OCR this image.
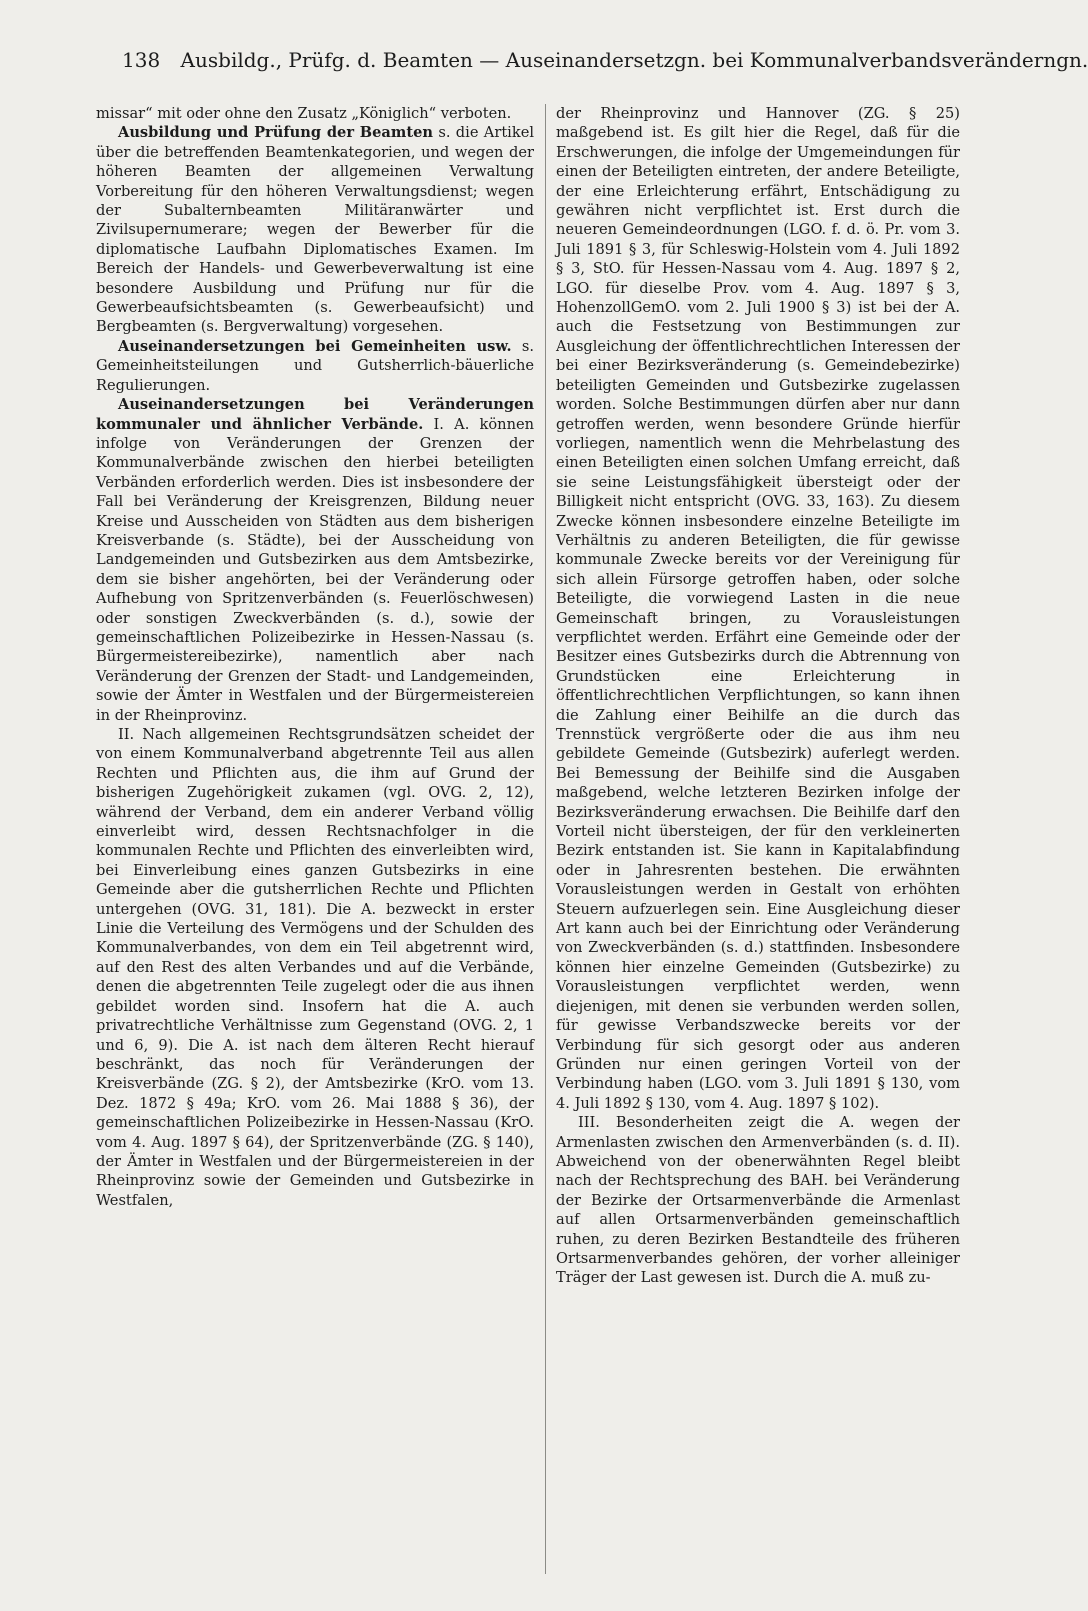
138 Ausbildg., Prüfg. d. Beamten — Auseinandersetzgn. bei Kommunalverbandsveränderngn.

missar“ mit oder ohne den Zusatz „Königlich“ verboten.

Ausbildung und Prüfung der Beamten s. die Artikel über die betreffenden Beamtenkategorien, und wegen der höheren Beamten der allgemeinen Verwaltung Vorbereitung für den höheren Verwaltungsdienst; wegen der Subalternbeamten Militäranwärter und Zivilsupernumerare; wegen der Bewerber für die diplomatische Laufbahn Diplomatisches Examen. Im Bereich der Handels- und Gewerbeverwaltung ist eine besondere Ausbildung und Prüfung nur für die Gewerbeaufsichtsbeamten (s. Gewerbeaufsicht) und Bergbeamten (s. Bergverwaltung) vorgesehen.

Auseinandersetzungen bei Gemeinheiten usw. s. Gemeinheitsteilungen und Gutsherrlich-bäuerliche Regulierungen.

Auseinandersetzungen bei Veränderungen kommunaler und ähnlicher Verbände. I. A. können infolge von Veränderungen der Grenzen der Kommunalverbände zwischen den hierbei beteiligten Verbänden erforderlich werden. Dies ist insbesondere der Fall bei Veränderung der Kreisgrenzen, Bildung neuer Kreise und Ausscheiden von Städten aus dem bisherigen Kreisverbande (s. Städte), bei der Ausscheidung von Landgemeinden und Gutsbezirken aus dem Amtsbezirke, dem sie bisher angehörten, bei der Veränderung oder Aufhebung von Spritzenverbänden (s. Feuerlöschwesen) oder sonstigen Zweckverbänden (s. d.), sowie der gemeinschaftlichen Polizeibezirke in Hessen-Nassau (s. Bürgermeistereibezirke), namentlich aber nach Veränderung der Grenzen der Stadt- und Landgemeinden, sowie der Ämter in Westfalen und der Bürgermeistereien in der Rheinprovinz.

II. Nach allgemeinen Rechtsgrundsätzen scheidet der von einem Kommunalverband abgetrennte Teil aus allen Rechten und Pflichten aus, die ihm auf Grund der bisherigen Zugehörigkeit zukamen (vgl. OVG. 2, 12), während der Verband, dem ein anderer Verband völlig einverleibt wird, dessen Rechtsnachfolger in die kommunalen Rechte und Pflichten des einverleibten wird, bei Einverleibung eines ganzen Gutsbezirks in eine Gemeinde aber die gutsherrlichen Rechte und Pflichten untergehen (OVG. 31, 181). Die A. bezweckt in erster Linie die Verteilung des Vermögens und der Schulden des Kommunalverbandes, von dem ein Teil abgetrennt wird, auf den Rest des alten Verbandes und auf die Verbände, denen die abgetrennten Teile zugelegt oder die aus ihnen gebildet worden sind. Insofern hat die A. auch privatrechtliche Verhältnisse zum Gegenstand (OVG. 2, 1 und 6, 9). Die A. ist nach dem älteren Recht hierauf beschränkt, das noch für Veränderungen der Kreisverbände (ZG. § 2), der Amtsbezirke (KrO. vom 13. Dez. 1872 § 49a; KrO. vom 26. Mai 1888 § 36), der gemeinschaftlichen Polizeibezirke in Hessen-Nassau (KrO. vom 4. Aug. 1897 § 64), der Spritzenverbände (ZG. § 140), der Ämter in Westfalen und der Bürgermeistereien in der Rheinprovinz sowie der Gemeinden und Gutsbezirke in Westfalen,

der Rheinprovinz und Hannover (ZG. § 25) maßgebend ist. Es gilt hier die Regel, daß für die Erschwerungen, die infolge der Umgemeindungen für einen der Beteiligten eintreten, der andere Beteiligte, der eine Erleichterung erfährt, Entschädigung zu gewähren nicht verpflichtet ist. Erst durch die neueren Gemeindeordnungen (LGO. f. d. ö. Pr. vom 3. Juli 1891 § 3, für Schleswig-Holstein vom 4. Juli 1892 § 3, StO. für Hessen-Nassau vom 4. Aug. 1897 § 2, LGO. für dieselbe Prov. vom 4. Aug. 1897 § 3, HohenzollGemO. vom 2. Juli 1900 § 3) ist bei der A. auch die Festsetzung von Bestimmungen zur Ausgleichung der öffentlichrechtlichen Interessen der bei einer Bezirksveränderung (s. Gemeindebezirke) beteiligten Gemeinden und Gutsbezirke zugelassen worden. Solche Bestimmungen dürfen aber nur dann getroffen werden, wenn besondere Gründe hierfür vorliegen, namentlich wenn die Mehrbelastung des einen Beteiligten einen solchen Umfang erreicht, daß sie seine Leistungsfähigkeit übersteigt oder der Billigkeit nicht entspricht (OVG. 33, 163). Zu diesem Zwecke können insbesondere einzelne Beteiligte im Verhältnis zu anderen Beteiligten, die für gewisse kommunale Zwecke bereits vor der Vereinigung für sich allein Fürsorge getroffen haben, oder solche Beteiligte, die vorwiegend Lasten in die neue Gemeinschaft bringen, zu Vorausleistungen verpflichtet werden. Erfährt eine Gemeinde oder der Besitzer eines Gutsbezirks durch die Abtrennung von Grundstücken eine Erleichterung in öffentlichrechtlichen Verpflichtungen, so kann ihnen die Zahlung einer Beihilfe an die durch das Trennstück vergrößerte oder die aus ihm neu gebildete Gemeinde (Gutsbezirk) auferlegt werden. Bei Bemessung der Beihilfe sind die Ausgaben maßgebend, welche letzteren Bezirken infolge der Bezirksveränderung erwachsen. Die Beihilfe darf den Vorteil nicht übersteigen, der für den verkleinerten Bezirk entstanden ist. Sie kann in Kapitalabfindung oder in Jahresrenten bestehen. Die erwähnten Vorausleistungen werden in Gestalt von erhöhten Steuern aufzuerlegen sein. Eine Ausgleichung dieser Art kann auch bei der Einrichtung oder Veränderung von Zweckverbänden (s. d.) stattfinden. Insbesondere können hier einzelne Gemeinden (Gutsbezirke) zu Vorausleistungen verpflichtet werden, wenn diejenigen, mit denen sie verbunden werden sollen, für gewisse Verbandszwecke bereits vor der Verbindung für sich gesorgt oder aus anderen Gründen nur einen geringen Vorteil von der Verbindung haben (LGO. vom 3. Juli 1891 § 130, vom 4. Juli 1892 § 130, vom 4. Aug. 1897 § 102).

III. Besonderheiten zeigt die A. wegen der Armenlasten zwischen den Armenverbänden (s. d. II). Abweichend von der obenerwähnten Regel bleibt nach der Rechtsprechung des BAH. bei Veränderung der Bezirke der Ortsarmenverbände die Armenlast auf allen Ortsarmenverbänden gemeinschaftlich ruhen, zu deren Bezirken Bestandteile des früheren Ortsarmenverbandes gehören, der vorher alleiniger Träger der Last gewesen ist. Durch die A. muß zu-
